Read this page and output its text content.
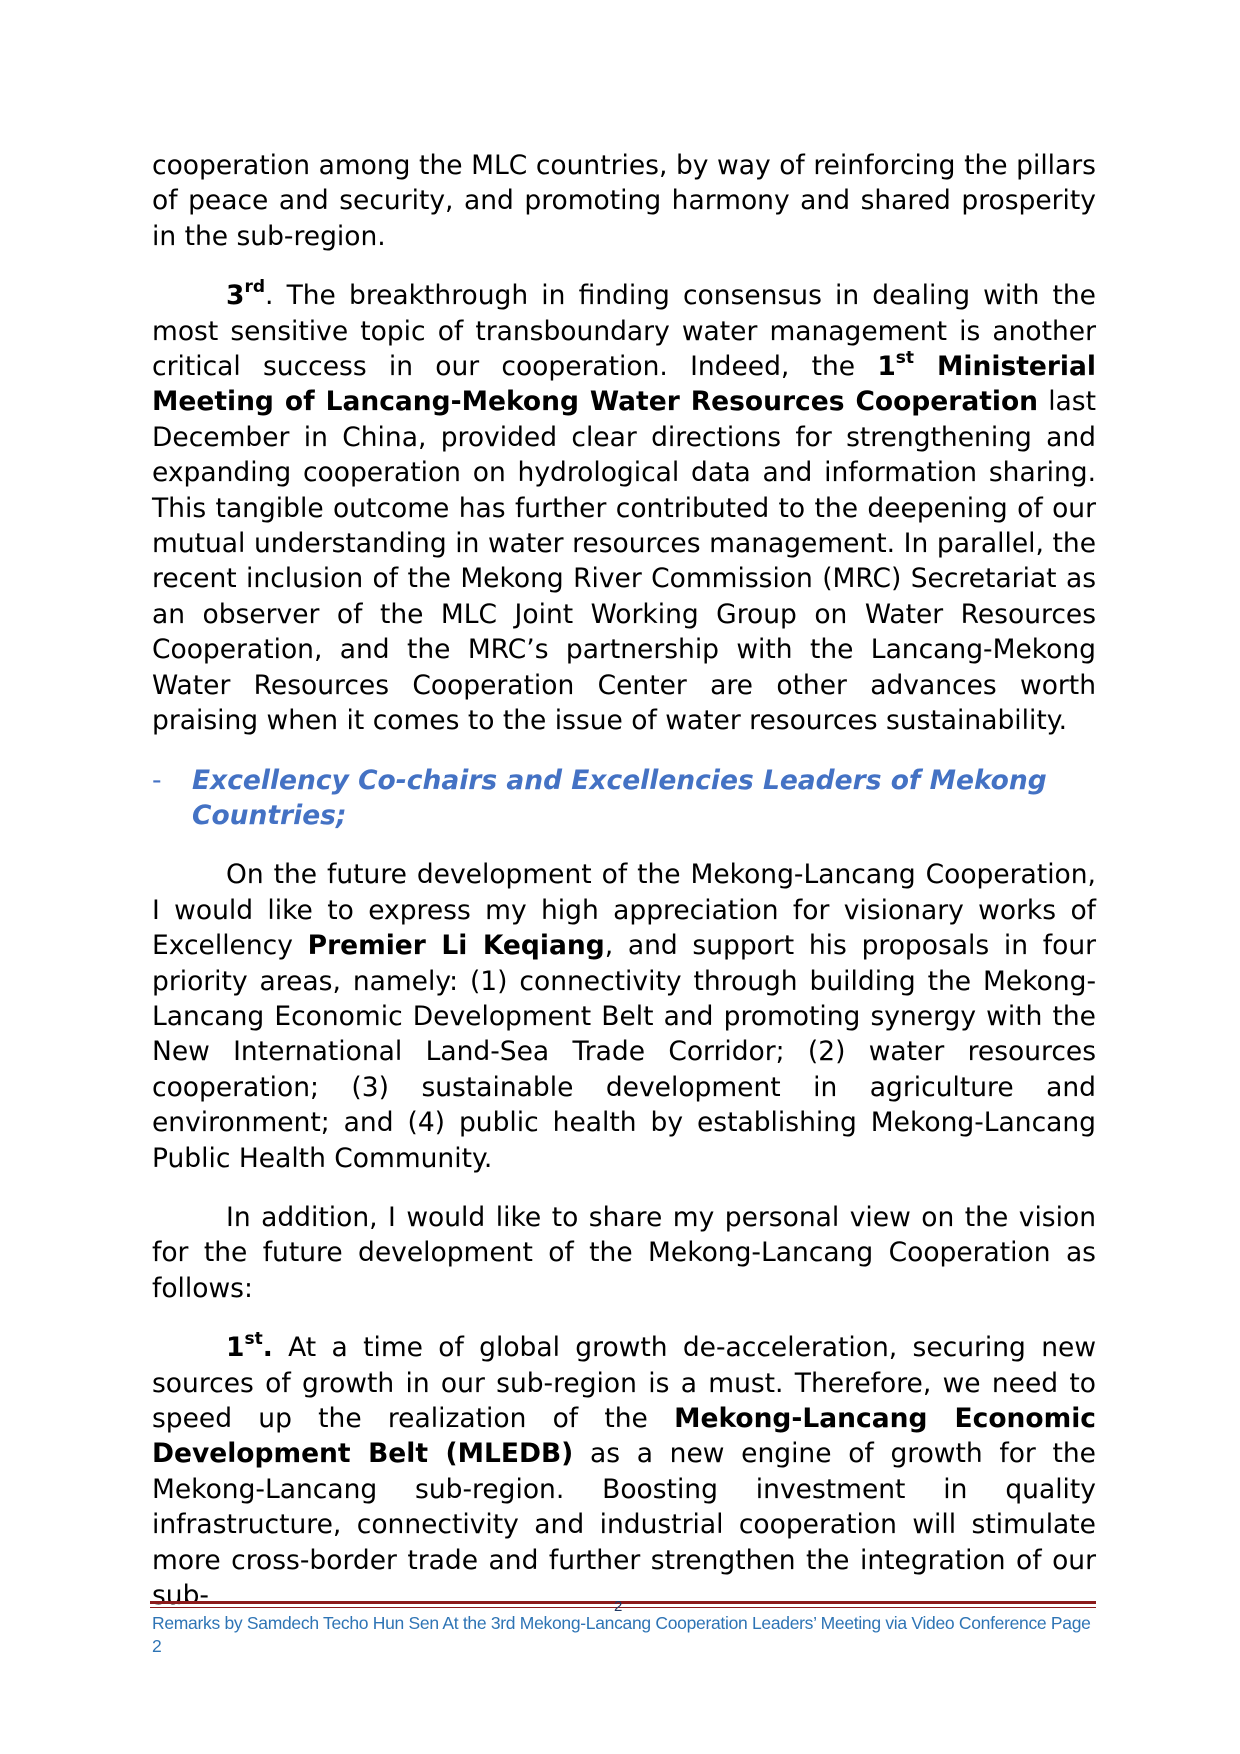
cooperation among the MLC countries, by way of reinforcing the pillars of peace and security, and promoting harmony and shared prosperity in the sub-region.

3rd. The breakthrough in finding consensus in dealing with the most sensitive topic of transboundary water management is another critical success in our cooperation. Indeed, the 1st Ministerial Meeting of Lancang-Mekong Water Resources Cooperation last December in China, provided clear directions for strengthening and expanding cooperation on hydrological data and information sharing. This tangible outcome has further contributed to the deepening of our mutual understanding in water resources management. In parallel, the recent inclusion of the Mekong River Commission (MRC) Secretariat as an observer of the MLC Joint Working Group on Water Resources Cooperation, and the MRC’s partnership with the Lancang-Mekong Water Resources Cooperation Center are other advances worth praising when it comes to the issue of water resources sustainability.

- Excellency Co-chairs and Excellencies Leaders of Mekong Countries;

On the future development of the Mekong-Lancang Cooperation, I would like to express my high appreciation for visionary works of Excellency Premier Li Keqiang, and support his proposals in four priority areas, namely: (1) connectivity through building the Mekong-Lancang Economic Development Belt and promoting synergy with the New International Land-Sea Trade Corridor; (2) water resources cooperation; (3) sustainable development in agriculture and environment; and (4) public health by establishing Mekong-Lancang Public Health Community.

In addition, I would like to share my personal view on the vision for the future development of the Mekong-Lancang Cooperation as follows:

1st. At a time of global growth de-acceleration, securing new sources of growth in our sub-region is a must. Therefore, we need to speed up the realization of the Mekong-Lancang Economic Development Belt (MLEDB) as a new engine of growth for the Mekong-Lancang sub-region. Boosting investment in quality infrastructure, connectivity and industrial cooperation will stimulate more cross-border trade and further strengthen the integration of our sub-	2
Remarks by Samdech Techo Hun Sen At the 3rd Mekong-Lancang Cooperation Leaders’ Meeting via Video Conference Page 2
